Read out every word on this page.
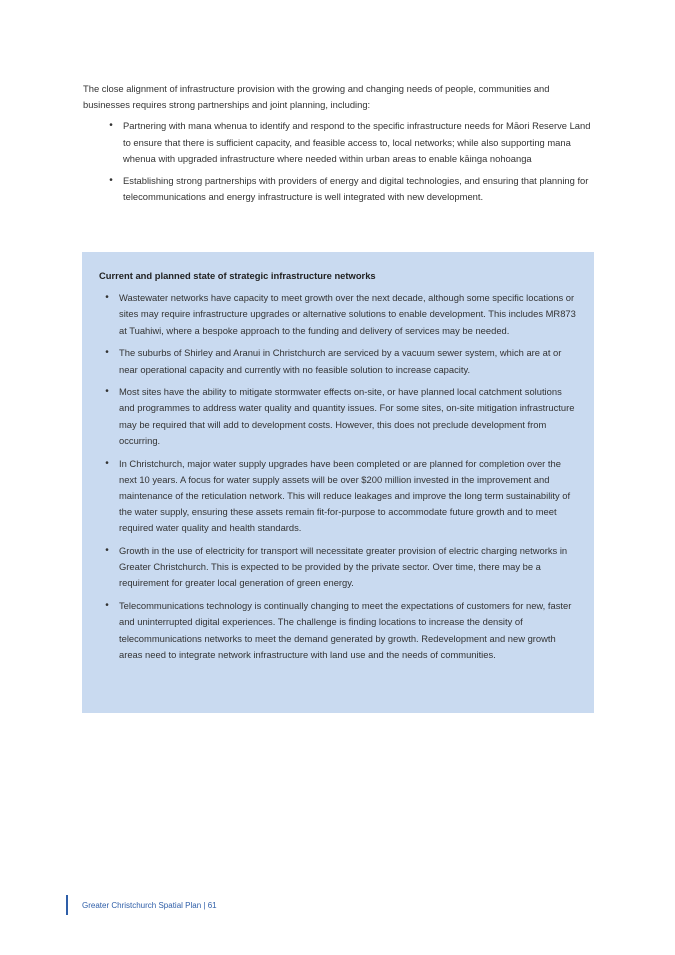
The close alignment of infrastructure provision with the growing and changing needs of people, communities and businesses requires strong partnerships and joint planning, including:

•	Partnering with mana whenua to identify and respond to the specific infrastructure needs for Māori Reserve Land to ensure that there is sufficient capacity, and feasible access to, local networks; while also supporting mana whenua with upgraded infrastructure where needed within urban areas to enable kāinga nohoanga
•	Establishing strong partnerships with providers of energy and digital technologies, and ensuring that planning for telecommunications and energy infrastructure is well integrated with new development.
Current and planned state of strategic infrastructure networks
•	Wastewater networks have capacity to meet growth over the next decade, although some specific locations or sites may require infrastructure upgrades or alternative solutions to enable development. This includes MR873 at Tuahiwi, where a bespoke approach to the funding and delivery of services may be needed.
•	The suburbs of Shirley and Aranui in Christchurch are serviced by a vacuum sewer system, which are at or near operational capacity and currently with no feasible solution to increase capacity.
•	Most sites have the ability to mitigate stormwater effects on-site, or have planned local catchment solutions and programmes to address water quality and quantity issues. For some sites, on-site mitigation infrastructure may be required that will add to development costs. However, this does not preclude development from occurring.
•	In Christchurch, major water supply upgrades have been completed or are planned for completion over the next 10 years. A focus for water supply assets will be over $200 million invested in the improvement and maintenance of the reticulation network. This will reduce leakages and improve the long term sustainability of the water supply, ensuring these assets remain fit-for-purpose to accommodate future growth and to meet required water quality and health standards.
•	Growth in the use of electricity for transport will necessitate greater provision of electric charging networks in Greater Christchurch. This is expected to be provided by the private sector. Over time, there may be a requirement for greater local generation of green energy.
•	Telecommunications technology is continually changing to meet the expectations of customers for new, faster and uninterrupted digital experiences. The challenge is finding locations to increase the density of telecommunications networks to meet the demand generated by growth. Redevelopment and new growth areas need to integrate network infrastructure with land use and the needs of communities.
Greater Christchurch Spatial Plan | 61
